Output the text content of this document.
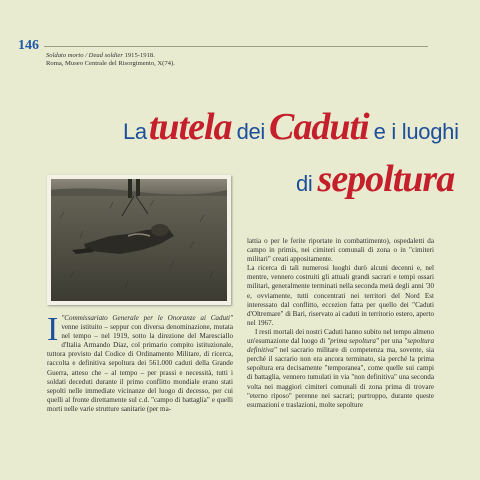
146
Soldato morto / Dead soldier 1915-1918.
Roma, Museo Centrale del Risorgimento, X(74).
Latutela dei Caduti e i luoghi
di sepoltura

I "Commissariato Generale per le Onoranze ai Caduti" venne istituito – seppur con diversa denominazione, mutata nel tempo – nel 1919, sotto la direzione del Maresciallo d'Italia Armando Diaz, col primario compito istituzionale, tuttora previsto dal Codice di Ordinamento Militare, di ricerca, raccolta e definitiva sepoltura dei 561.000 caduti della Grande Guerra, atteso che – al tempo – per prassi e necessità, tutti i soldati deceduti durante il primo conflitto mondiale erano stati sepolti nelle immediate vicinanze del luogo di decesso, per cui quelli al fronte direttamente sul c.d. "campo di battaglia" e quelli morti nelle varie strutture sanitarie (per ma-

lattia o per le ferite riportate in combattimento), ospedaletti da campo in primis, nei cimiteri comunali di zona o in "cimiteri militari" creati appositamente.

La ricerca di tali numerosi luoghi durò alcuni decenni e, nel mentre, vennero costruiti gli attuali grandi sacrari e tempi ossari militari, generalmente terminati nella seconda metà degli anni '30 e, ovviamente, tutti concentrati nei territori del Nord Est interessato dal conflitto, eccezion fatta per quello dei "Caduti d'Oltremare" di Bari, riservato ai caduti in territorio estero, aperto nel 1967.

I resti mortali dei nostri Caduti hanno subito nel tempo almeno un'esumazione dal luogo di "prima sepoltura" per una "sepoltura definitiva" nel sacrario militare di competenza ma, sovente, sia perché il sacrario non era ancora terminato, sia perché la prima sepoltura era decisamente "temporanea", come quelle sui campi di battaglia, vennero tumulati in via "non definitiva" una seconda volta nei maggiori cimiteri comunali di zona prima di trovare "eterno riposo" perenne nei sacrari; purtroppo, durante queste esumazioni e traslazioni, molte sepolture
